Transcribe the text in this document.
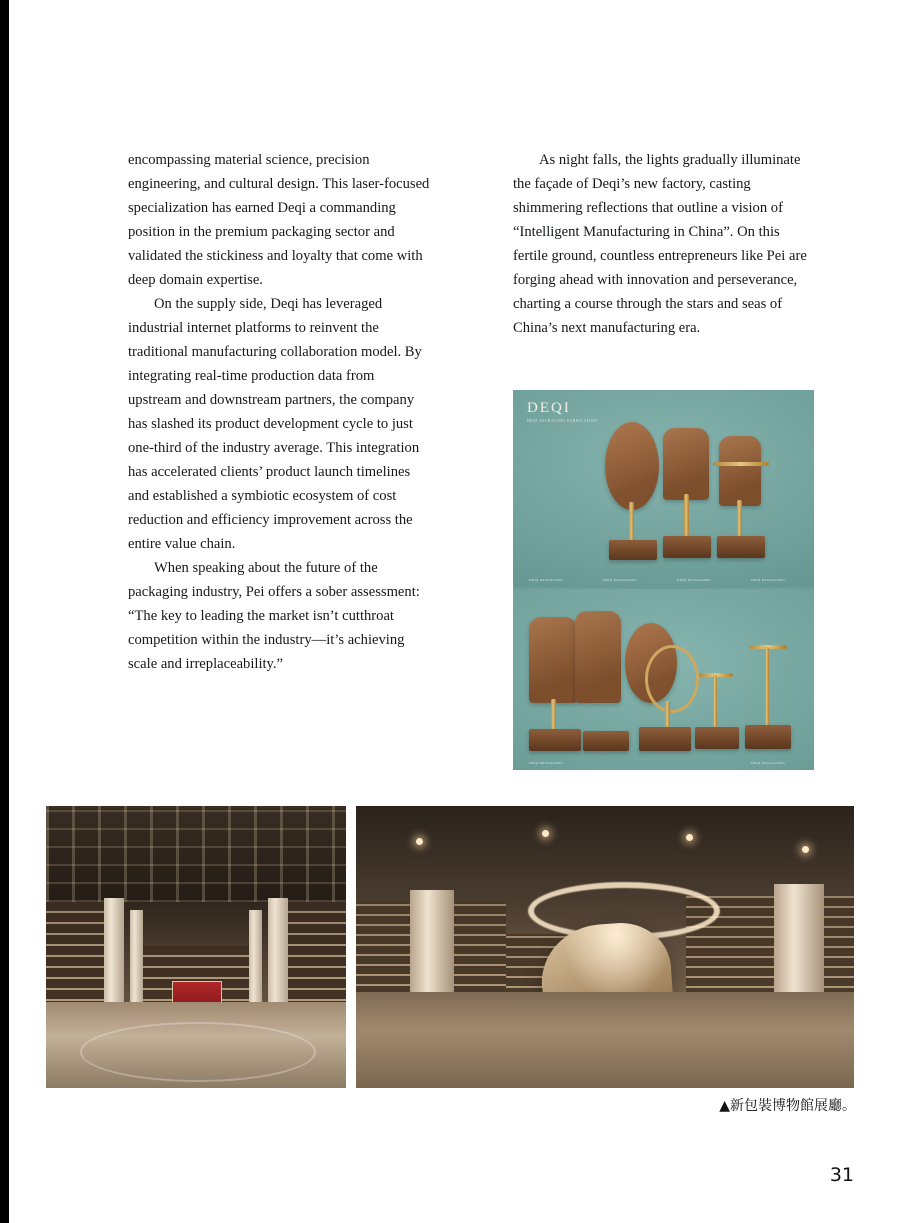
encompassing material science, precision engineering, and cultural design. This laser-focused specialization has earned Deqi a commanding position in the premium packaging sector and validated the stickiness and loyalty that come with deep domain expertise.

On the supply side, Deqi has leveraged industrial internet platforms to reinvent the traditional manufacturing collaboration model. By integrating real-time production data from upstream and downstream partners, the company has slashed its product development cycle to just one-third of the industry average. This integration has accelerated clients’ product launch timelines and established a symbiotic ecosystem of cost reduction and efficiency improvement across the entire value chain.

When speaking about the future of the packaging industry, Pei offers a sober assessment: “The key to leading the market isn’t cutthroat competition within the industry—it’s achieving scale and irreplaceability.”

As night falls, the lights gradually illuminate the façade of Deqi’s new factory, casting shimmering reflections that outline a vision of “Intelligent Manufacturing in China”. On this fertile ground, countless entrepreneurs like Pei are forging ahead with innovation and perseverance, charting a course through the stars and seas of China’s next manufacturing era.

DEQI
DEQI PACKAGING FABRICATION
DEQI PACKAGING	DEQI PACKAGING	DEQI PACKAGING	DEQI PACKAGING
DEQI PACKAGING	DEQI PACKAGING
▲新包裝博物館展廳。
31
